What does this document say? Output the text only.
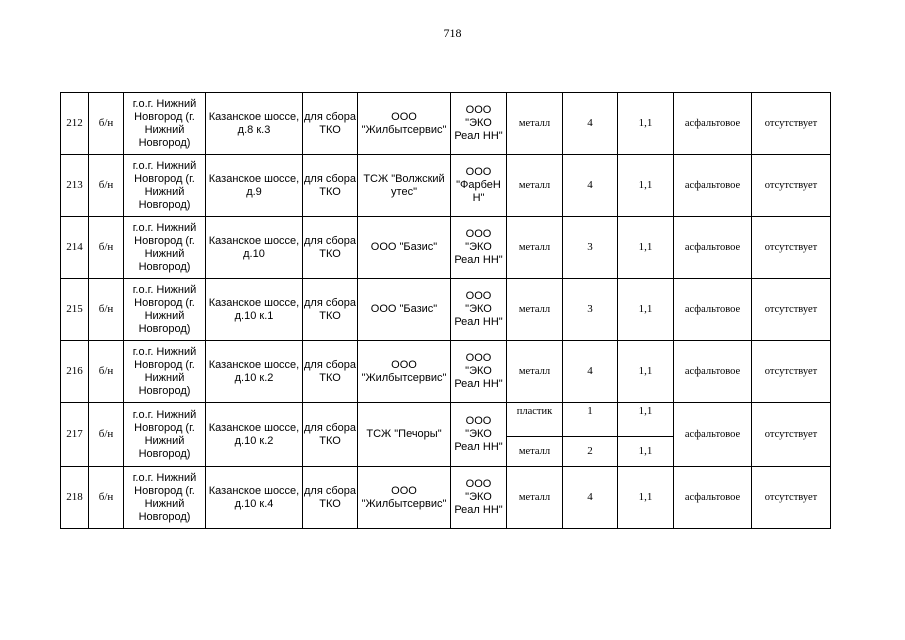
718
212	б/н	г.о.г. Нижний Новгород (г. Нижний Новгород)	Казанское шоссе, д.8 к.3	для сбора ТКО	ООО "Жилбытсервис"	ООО "ЭКО Реал НН"	металл	4	1,1	асфальтовое	отсутствует
213	б/н	г.о.г. Нижний Новгород (г. Нижний Новгород)	Казанское шоссе, д.9	для сбора ТКО	ТСЖ "Волжский утес"	ООО "ФарбеН Н"	металл	4	1,1	асфальтовое	отсутствует
214	б/н	г.о.г. Нижний Новгород (г. Нижний Новгород)	Казанское шоссе, д.10	для сбора ТКО	ООО "Базис"	ООО "ЭКО Реал НН"	металл	3	1,1	асфальтовое	отсутствует
215	б/н	г.о.г. Нижний Новгород (г. Нижний Новгород)	Казанское шоссе, д.10 к.1	для сбора ТКО	ООО "Базис"	ООО "ЭКО Реал НН"	металл	3	1,1	асфальтовое	отсутствует
216	б/н	г.о.г. Нижний Новгород (г. Нижний Новгород)	Казанское шоссе, д.10 к.2	для сбора ТКО	ООО "Жилбытсервис"	ООО "ЭКО Реал НН"	металл	4	1,1	асфальтовое	отсутствует
217	б/н	г.о.г. Нижний Новгород (г. Нижний Новгород)	Казанское шоссе, д.10 к.2	для сбора ТКО	ТСЖ "Печоры"	ООО "ЭКО Реал НН"	пластик	1	1,1	асфальтовое	отсутствует
							металл	2	1,1		
218	б/н	г.о.г. Нижний Новгород (г. Нижний Новгород)	Казанское шоссе, д.10 к.4	для сбора ТКО	ООО "Жилбытсервис"	ООО "ЭКО Реал НН"	металл	4	1,1	асфальтовое	отсутствует
